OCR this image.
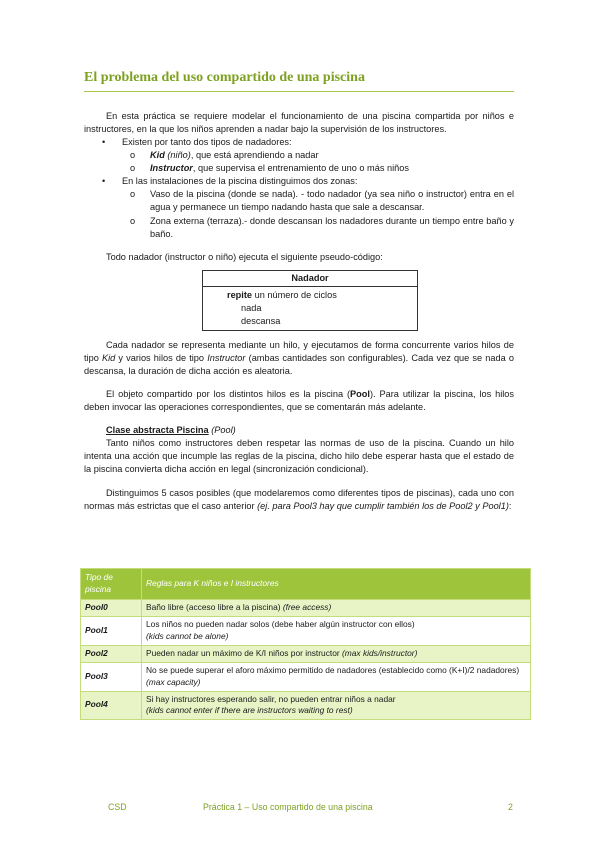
El problema del uso compartido de una piscina

En esta práctica se requiere modelar el funcionamiento de una piscina compartida por niños e instructores, en la que los niños aprenden a nadar bajo la supervisión de los instructores.

• Existen por tanto dos tipos de nadadores:
o Kid (niño), que está aprendiendo a nadar
o Instructor, que supervisa el entrenamiento de uno o más niños
• En las instalaciones de la piscina distinguimos dos zonas:
o Vaso de la piscina (donde se nada). - todo nadador (ya sea niño o instructor) entra en el agua y permanece un tiempo nadando hasta que sale a descansar.

o Zona externa (terraza).- donde descansan los nadadores durante un tiempo entre baño y baño.

Todo nadador (instructor o niño) ejecuta el siguiente pseudo-código:

Nadador
repite un número de ciclos
nada
descansa

Cada nadador se representa mediante un hilo, y ejecutamos de forma concurrente varios hilos de tipo Kid y varios hilos de tipo Instructor (ambas cantidades son configurables). Cada vez que se nada o descansa, la duración de dicha acción es aleatoria.

El objeto compartido por los distintos hilos es la piscina (Pool). Para utilizar la piscina, los hilos deben invocar las operaciones correspondientes, que se comentarán más adelante.

Clase abstracta Piscina (Pool)

Tanto niños como instructores deben respetar las normas de uso de la piscina. Cuando un hilo intenta una acción que incumple las reglas de la piscina, dicho hilo debe esperar hasta que el estado de la piscina convierta dicha acción en legal (sincronización condicional).

Distinguimos 5 casos posibles (que modelaremos como diferentes tipos de piscinas), cada uno con normas más estrictas que el caso anterior (ej. para Pool3 hay que cumplir también los de Pool2 y Pool1):

Tipo de piscina	Reglas para K niños e I instructores
Pool0	Baño libre (acceso libre a la piscina) (free access)
Pool1	Los niños no pueden nadar solos (debe haber algún instructor con ellos)
(kids cannot be alone)
Pool2	Pueden nadar un máximo de K/I niños por instructor (max kids/instructor)
Pool3	No se puede superar el aforo máximo permitido de nadadores (establecido como (K+I)/2 nadadores) (max capacity)
Pool4	Si hay instructores esperando salir, no pueden entrar niños a nadar
(kids cannot enter if there are instructors waiting to rest)
CSD	Práctica 1 – Uso compartido de una piscina	2
